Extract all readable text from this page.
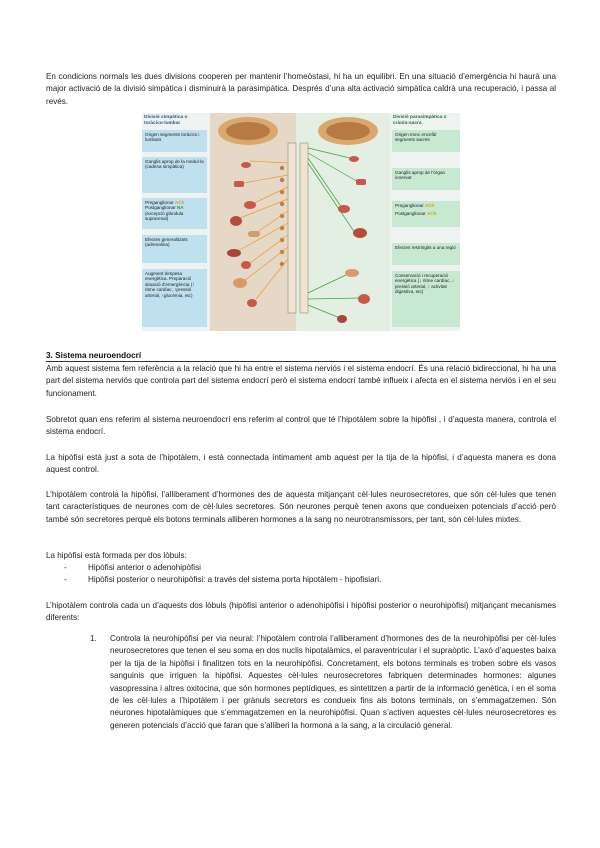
En condicions normals les dues divisions cooperen per mantenir l’homeòstasi, hi ha un equilibri. En una situació d’emergència hi haurà una major activació de la divisió simpàtica i disminuirà la parasimpàtica. Després d’una alta activació simpàtica caldrà una recuperació, i passa al revés.

Divisió simpàtica o toràcico-lumbar
Origen segments toràcics i lumbars
Ganglis aprop de la medul·la (cadena simpàtica)
Preganglionar ACh
Postganglionar NA
(excepció glàndula suprarenal)
Efectes generalitzats (adrenalina)
Augment despesa energètica. Preparació situació d’emergència (↑ ritme cardíac, ↑pressió arterial, ↑glucèmia, etc)
Divisió parasimpàtica o crànio-sacra
Origen tronc encefàl segments sacres
Ganglis aprop de l’òrgan innervat
Preganglionar ACh
Postganglionar ACh
Efectes restringits a una regió
Conservació i recuperació energètica (↓ ritme cardíac, ↓ pressió arterial, ↑ activitat digestiva, etc)
3. Sistema neuroendocrí

Amb aquest sistema fem referència a la relació que hi ha entre el sistema nerviós i el sistema endocrí. És una relació bidireccional, hi ha una part del sistema nerviós que controla part del sistema endocrí però el sistema endocrí també influeix i afecta en el sistema nerviós i en el seu funcionament.

Sobretot quan ens referim al sistema neuroendocrí ens referim al control que té l’hipotàlem sobre la hipòfisi , i d’aquesta manera, controla el sistema endocrí.

La hipòfisi està just a sota de l’hipotàlem, i està connectada íntimament amb aquest per la tija de la hipòfisi, i d’aquesta manera es dona aquest control.

L’hipotàlem controla la hipòfisi, l’alliberament d’hormones des de aquesta mitjançant cèl·lules neurosecretores, que són cèl·lules que tenen tant característiques de neurones com de cèl·lules secretores. Són neurones perquè tenen axons que condueixen potencials d’acció però també són secretores perquè els botons terminals alliberen hormones a la sang no neurotransmissors, per tant, són cèl·lules mixtes.

La hipòfisi està formada per dos lòbuls:

- Hipòfisi anterior o adenohipòfisi
- Hipòfisi posterior o neurohipòfisi: a través del sistema porta hipotàlem - hipofisiari.

L’hipotàlem controla cada un d’aquests dos lòbuls (hipòfisi anterior o adenohipòfisi i hipòfisi posterior o neurohipòfisi) mitjançant mecanismes diferents:

1. Controla la neurohipòfisi per via neural: l’hipotàlem controla l’alliberament d’hormones des de la neurohipòfisi per cèl·lules neurosecretores que tenen el seu soma en dos nuclis hipotalàmics, el paraventricular i el supraòptic. L’axó d’aquestes baixa per la tija de la hipòfisi i finalitzen tots en la neurohipòfisi. Concretament, els botons terminals es troben sobre els vasos sanguinis que irriguen la hipòfisi. Aquestes cèl·lules neurosecretores fabriquen determinades hormones: algunes vasopressina i altres oxitocina, que són hormones peptídiques, es sintetitzen a partir de la informació genètica, i en el soma de les cèl·lules a l’hipotàlem i per grànuls secretors es condueix fins als botons terminals, on s’emmagatzemen. Són neurones hipotalàmiques que s’emmagatzemen en la neurohipòfisi. Quan s’activen aquestes cèl·lules neurosecretores es generen potencials d’acció que faran que s’alliberi la hormona a la sang, a la circulació general.
